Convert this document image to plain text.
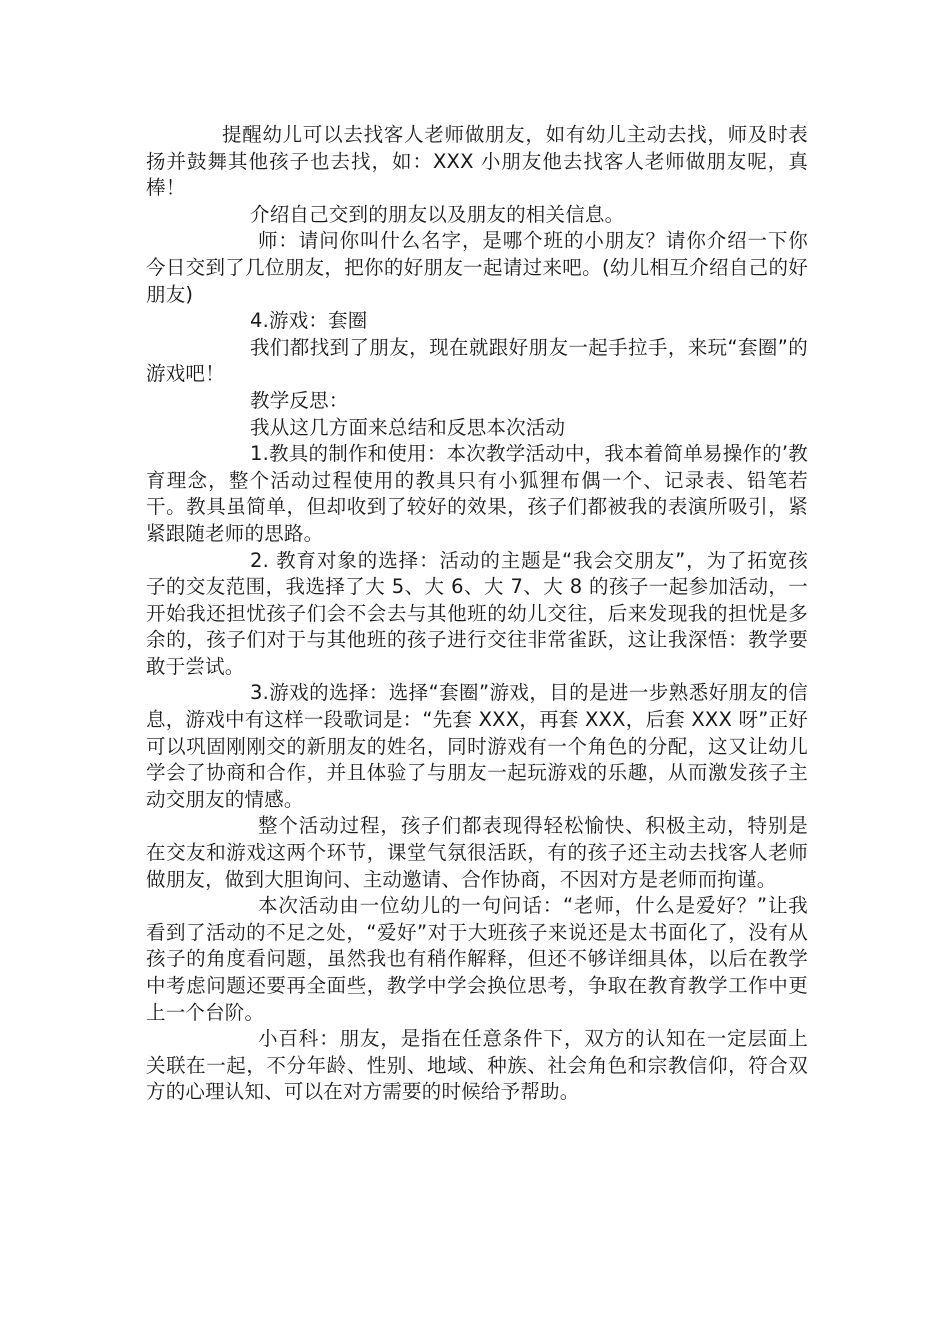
提醒幼儿可以去找客人老师做朋友，如有幼儿主动去找，师及时表扬并鼓舞其他孩子也去找，如：XXX 小朋友他去找客人老师做朋友呢，真棒！

介绍自己交到的朋友以及朋友的相关信息。

师：请问你叫什么名字，是哪个班的小朋友？请你介绍一下你今日交到了几位朋友，把你的好朋友一起请过来吧。(幼儿相互介绍自己的好朋友)

4.游戏：套圈

我们都找到了朋友，现在就跟好朋友一起手拉手，来玩“套圈”的游戏吧！

教学反思：

我从这几方面来总结和反思本次活动

1.教具的制作和使用：本次教学活动中，我本着简单易操作的’教育理念，整个活动过程使用的教具只有小狐狸布偶一个、记录表、铅笔若干。教具虽简单，但却收到了较好的效果，孩子们都被我的表演所吸引，紧紧跟随老师的思路。

2. 教育对象的选择：活动的主题是“我会交朋友”，为了拓宽孩子的交友范围，我选择了大 5、大 6、大 7、大 8 的孩子一起参加活动，一开始我还担忧孩子们会不会去与其他班的幼儿交往，后来发现我的担忧是多余的，孩子们对于与其他班的孩子进行交往非常雀跃，这让我深悟：教学要敢于尝试。

3.游戏的选择：选择“套圈”游戏，目的是进一步熟悉好朋友的信息，游戏中有这样一段歌词是：“先套 XXX，再套 XXX，后套 XXX 呀”正好可以巩固刚刚交的新朋友的姓名，同时游戏有一个角色的分配，这又让幼儿学会了协商和合作，并且体验了与朋友一起玩游戏的乐趣，从而激发孩子主动交朋友的情感。

整个活动过程，孩子们都表现得轻松愉快、积极主动，特别是在交友和游戏这两个环节，课堂气氛很活跃，有的孩子还主动去找客人老师做朋友，做到大胆询问、主动邀请、合作协商，不因对方是老师而拘谨。

本次活动由一位幼儿的一句问话：“老师，什么是爱好？”让我看到了活动的不足之处，“爱好”对于大班孩子来说还是太书面化了，没有从孩子的角度看问题，虽然我也有稍作解释，但还不够详细具体，以后在教学中考虑问题还要再全面些，教学中学会换位思考，争取在教育教学工作中更上一个台阶。

小百科：朋友，是指在任意条件下，双方的认知在一定层面上关联在一起，不分年龄、性别、地域、种族、社会角色和宗教信仰，符合双方的心理认知、可以在对方需要的时候给予帮助。
